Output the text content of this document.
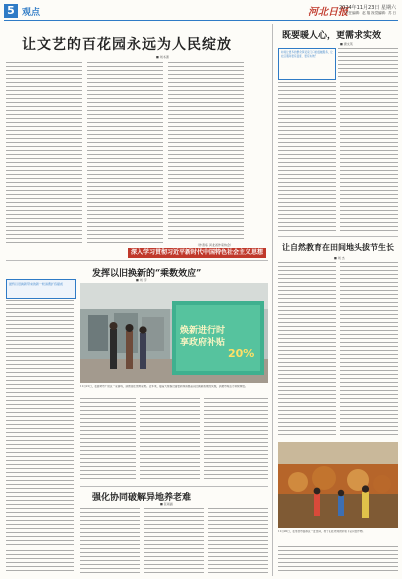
5 观点	河北日报
2024年11月23日 星期六
责任编辑：赵 翔 视觉编辑：苏 日
让文艺的百花园永远为人民绽放
■ 刘书清
（作者系 河北省作家协会）
深入学习贯彻习近平新时代中国特色社会主义思想
既要暖人心，更需求实效
■ 唐文英
如何让更多的群众享受家门口的温暖服务，让社区服务更有温度、更有实效？
发挥以旧换新的“乘数效应”
■ 刘 宇
最终以旧换新带来的新一轮消费扩容提质
焕新进行时
享政府补贴
20%
11月21日，在廊坊市广阳区一家商场，消费者在选购家电。近年来，随着大规模设备更新和消费品以旧换新政策的实施，消费市场活力持续释放。
强化协同破解异地养老难
■ 张雨涵
让自然教育在田间地头拔节生长
■ 刘 杰
11月20日，在邢台市信都区一处田间，孩子们在老师的带领下认识农作物。
